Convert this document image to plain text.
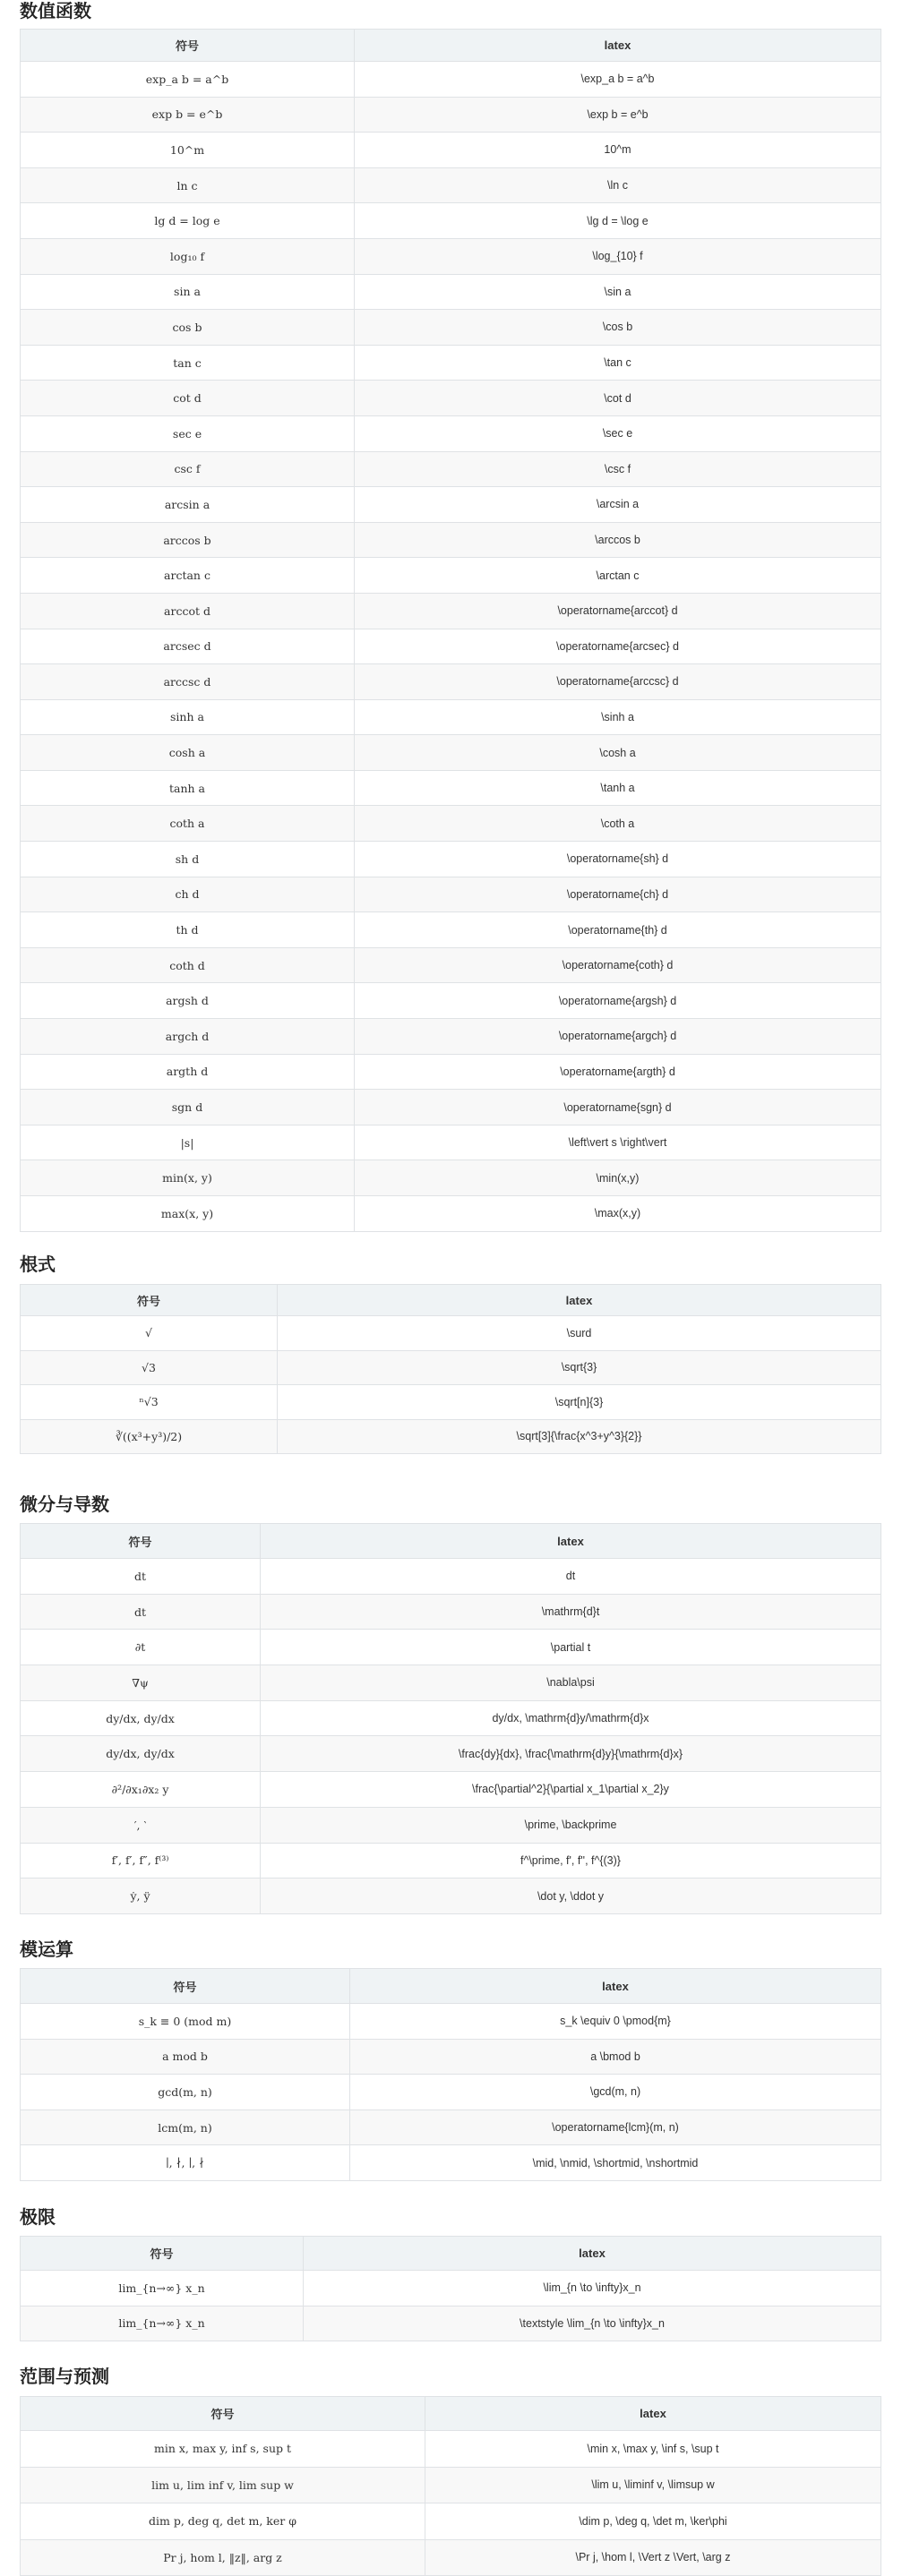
数值函数
符号	latex
exp_a b = a^b	\exp_a b = a^b
exp b = e^b	\exp b = e^b
10^m	10^m
ln c	\ln c
lg d = log e	\lg d = \log e
log₁₀ f	\log_{10} f
sin a	\sin a
cos b	\cos b
tan c	\tan c
cot d	\cot d
sec e	\sec e
csc f	\csc f
arcsin a	\arcsin a
arccos b	\arccos b
arctan c	\arctan c
arccot d	\operatorname{arccot} d
arcsec d	\operatorname{arcsec} d
arccsc d	\operatorname{arccsc} d
sinh a	\sinh a
cosh a	\cosh a
tanh a	\tanh a
coth a	\coth a
sh d	\operatorname{sh} d
ch d	\operatorname{ch} d
th d	\operatorname{th} d
coth d	\operatorname{coth} d
argsh d	\operatorname{argsh} d
argch d	\operatorname{argch} d
argth d	\operatorname{argth} d
sgn d	\operatorname{sgn} d
|s|	\left\vert s \right\vert
min(x, y)	\min(x,y)
max(x, y)	\max(x,y)
根式
符号	latex
√	\surd
√3	\sqrt{3}
ⁿ√3	\sqrt[n]{3}
∛((x³+y³)/2)	\sqrt[3]{\frac{x^3+y^3}{2}}
微分与导数
符号	latex
dt	dt
dt	\mathrm{d}t
∂t	\partial t
∇ψ	\nabla\psi
dy/dx, dy/dx	dy/dx, \mathrm{d}y/\mathrm{d}x
dy/dx, dy/dx	\frac{dy}{dx}, \frac{\mathrm{d}y}{\mathrm{d}x}
∂²/∂x₁∂x₂ y	\frac{\partial^2}{\partial x_1\partial x_2}y
′, ‵	\prime, \backprime
f′, f′, f″, f⁽³⁾	f^\prime, f', f'', f^{(3)}
ẏ, ÿ	\dot y, \ddot y
模运算
符号	latex
s_k ≡ 0 (mod m)	s_k \equiv 0 \pmod{m}
a mod b	a \bmod b
gcd(m, n)	\gcd(m, n)
lcm(m, n)	\operatorname{lcm}(m, n)
∣, ∤, ∣, ∤	\mid, \nmid, \shortmid, \nshortmid
极限
符号	latex
lim_{n→∞} x_n	\lim_{n \to \infty}x_n
lim_{n→∞} x_n	\textstyle \lim_{n \to \infty}x_n
范围与预测
符号	latex
min x, max y, inf s, sup t	\min x, \max y, \inf s, \sup t
lim u, lim inf v, lim sup w	\lim u, \liminf v, \limsup w
dim p, deg q, det m, ker φ	\dim p, \deg q, \det m, \ker\phi
Pr j, hom l, ‖z‖, arg z	\Pr j, \hom l, \Vert z \Vert, \arg z
